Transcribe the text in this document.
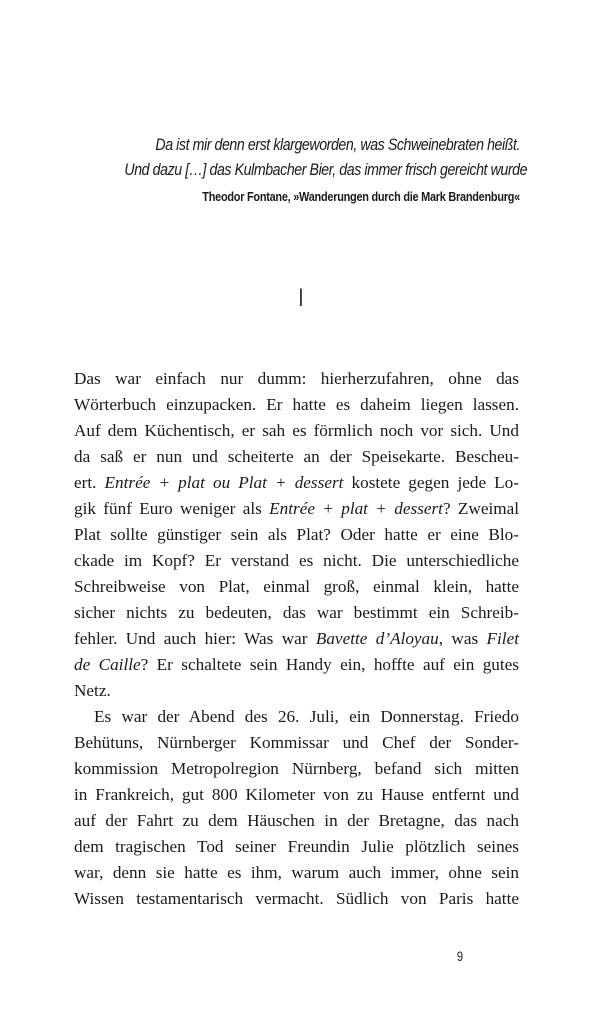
Da ist mir denn erst klargeworden, was Schweinebraten heißt.
Und dazu […] das Kulmbacher Bier, das immer frisch gereicht wurde
Theodor Fontane, »Wanderungen durch die Mark Brandenburg«
I

Das war einfach nur dumm: hierherzufahren, ohne das
Wörterbuch einzupacken. Er hatte es daheim liegen lassen.
Auf dem Küchentisch, er sah es förmlich noch vor sich. Und
da saß er nun und scheiterte an der Speisekarte. Bescheu-
ert. Entrée + plat ou Plat + dessert kostete gegen jede Lo-
gik fünf Euro weniger als Entrée + plat + dessert? Zweimal
Plat sollte günstiger sein als Plat? Oder hatte er eine Blo-
ckade im Kopf? Er verstand es nicht. Die unterschiedliche
Schreibweise von Plat, einmal groß, einmal klein, hatte
sicher nichts zu bedeuten, das war bestimmt ein Schreib-
fehler. Und auch hier: Was war Bavette d’Aloyau, was Filet
de Caille? Er schaltete sein Handy ein, hoffte auf ein gutes
Netz.

Es war der Abend des 26. Juli, ein Donnerstag. Friedo
Behütuns, Nürnberger Kommissar und Chef der Sonder-
kommission Metropolregion Nürnberg, befand sich mitten
in Frankreich, gut 800 Kilometer von zu Hause entfernt und
auf der Fahrt zu dem Häuschen in der Bretagne, das nach
dem tragischen Tod seiner Freundin Julie plötzlich seines
war, denn sie hatte es ihm, warum auch immer, ohne sein
Wissen testamentarisch vermacht. Südlich von Paris hatte

9
